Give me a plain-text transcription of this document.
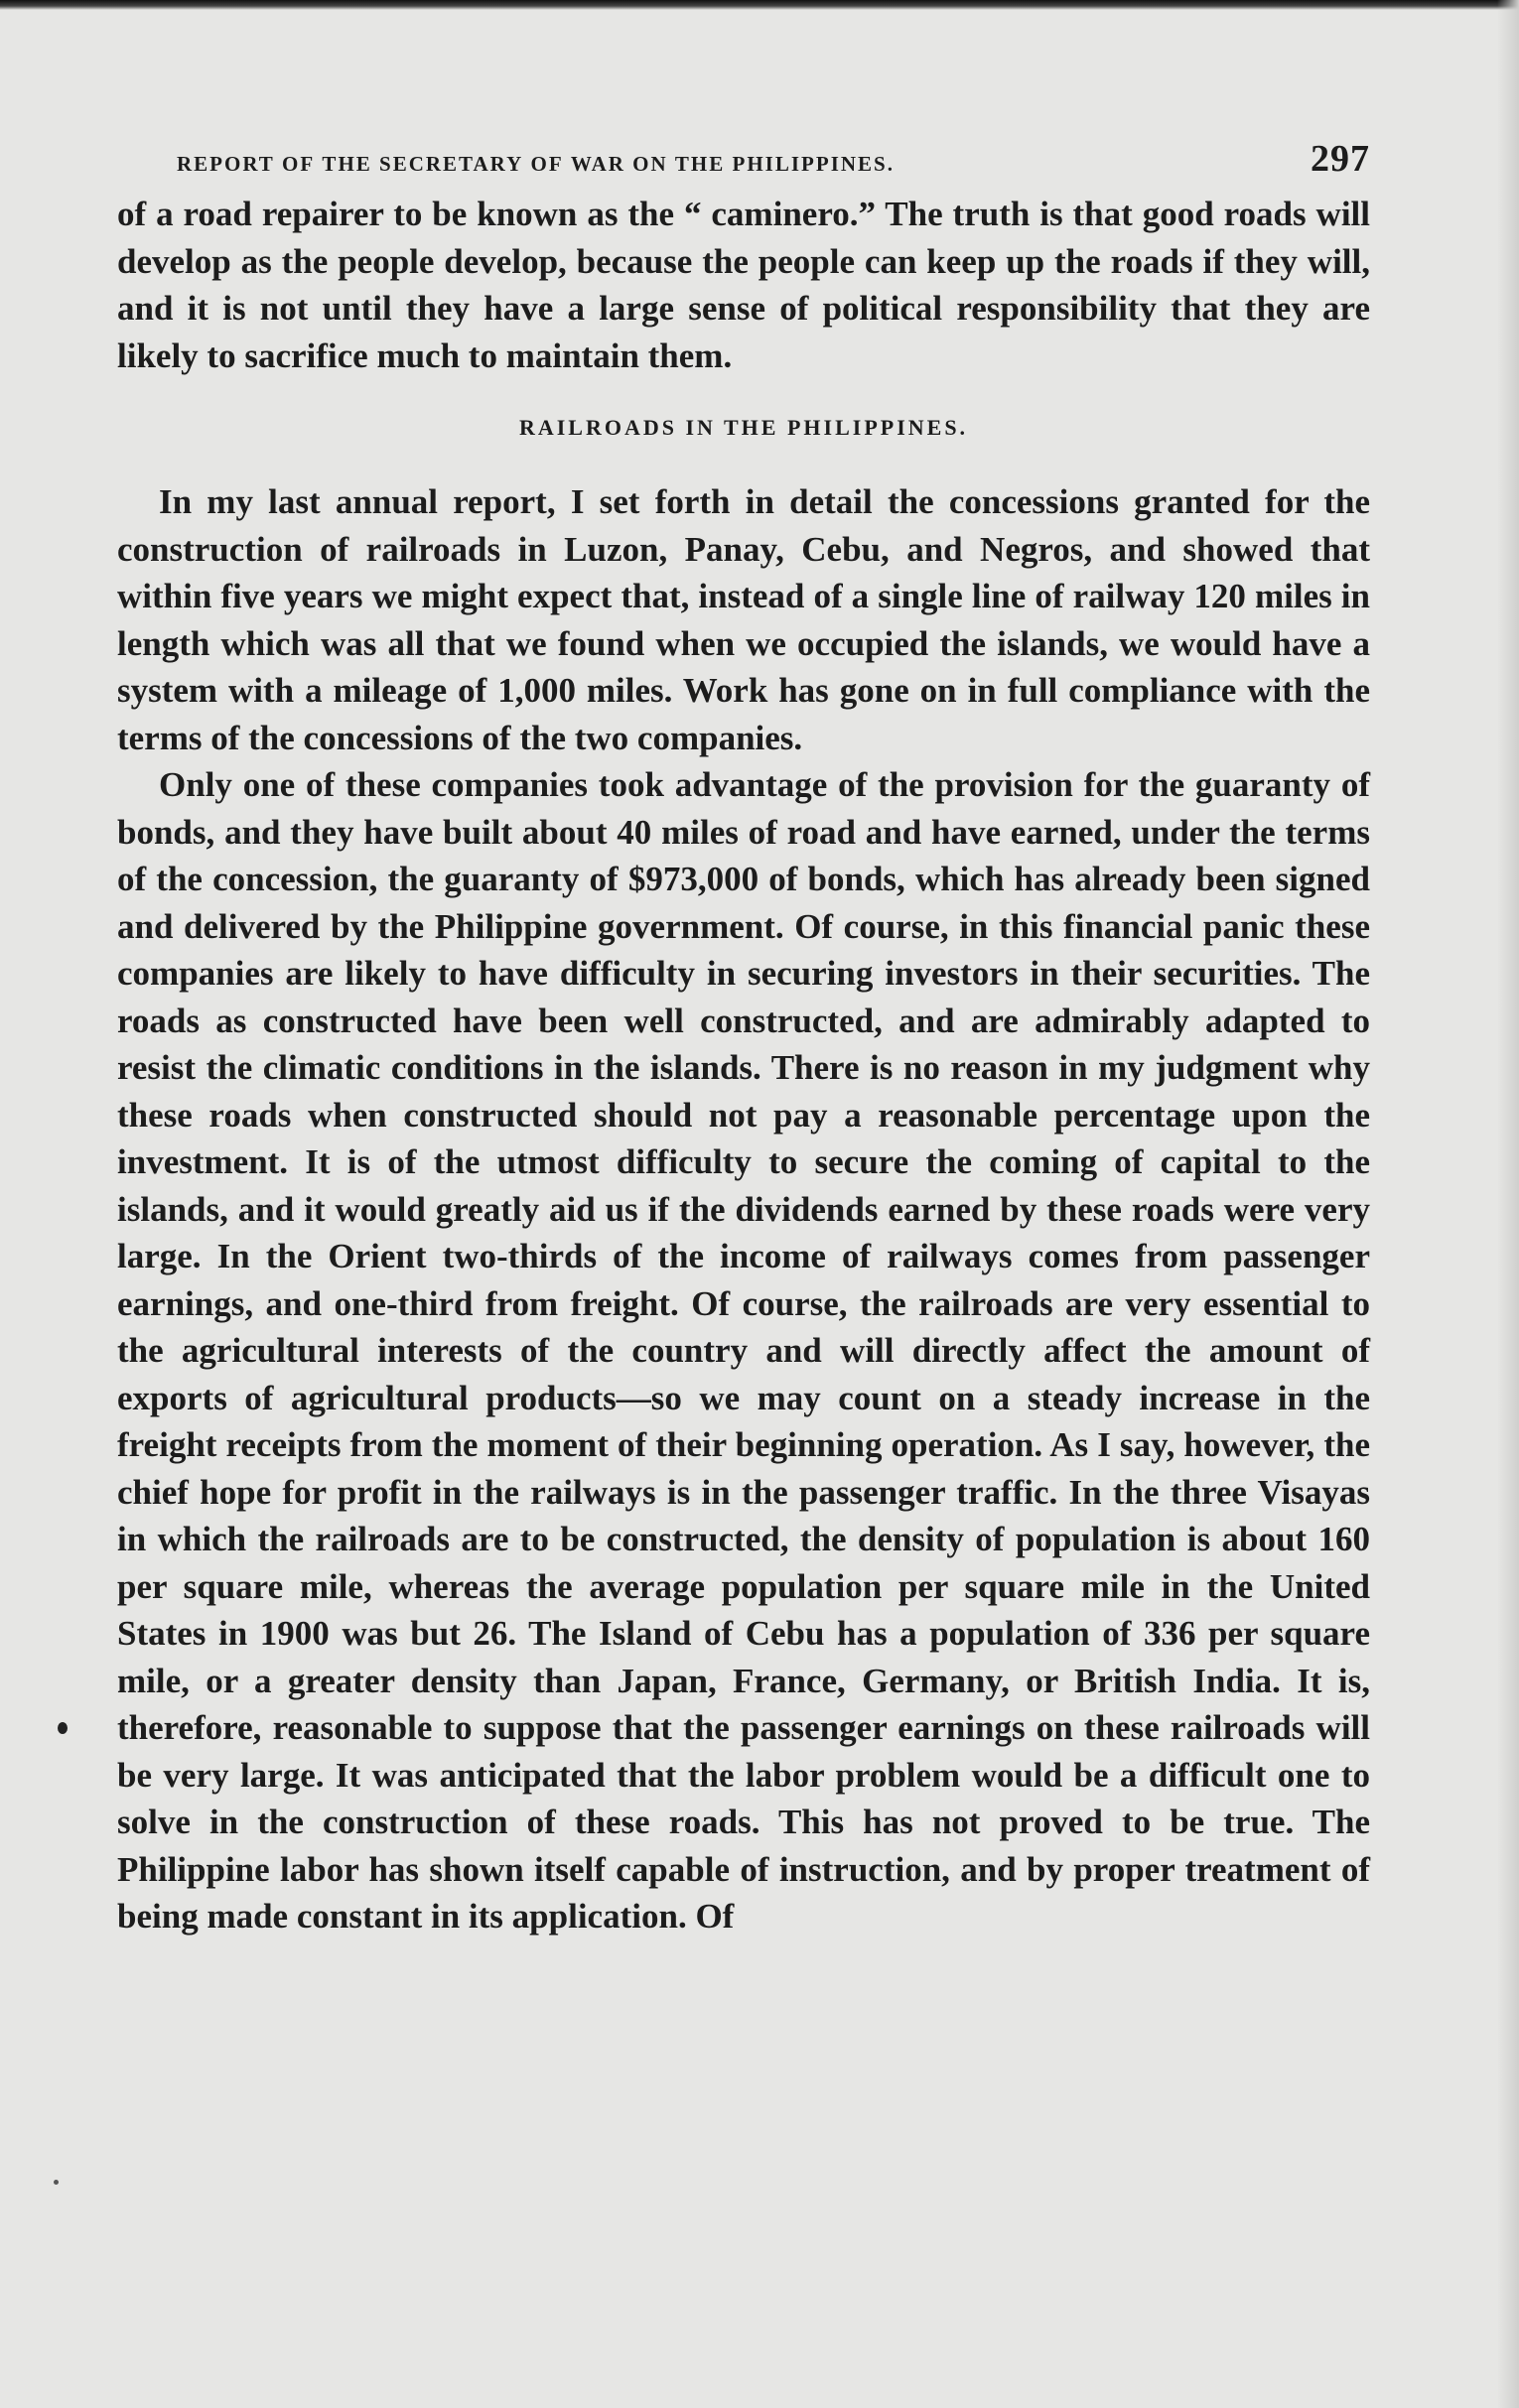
report of the secretary of war on the philippines.	297

of a road repairer to be known as the “ caminero.” The truth is that good roads will develop as the people develop, because the people can keep up the roads if they will, and it is not until they have a large sense of political responsibility that they are likely to sacrifice much to maintain them.

RAILROADS IN THE PHILIPPINES.

In my last annual report, I set forth in detail the concessions granted for the construction of railroads in Luzon, Panay, Cebu, and Negros, and showed that within five years we might expect that, instead of a single line of railway 120 miles in length which was all that we found when we occupied the islands, we would have a system with a mileage of 1,000 miles. Work has gone on in full compliance with the terms of the concessions of the two companies.

Only one of these companies took advantage of the provision for the guaranty of bonds, and they have built about 40 miles of road and have earned, under the terms of the concession, the guaranty of $973,000 of bonds, which has already been signed and delivered by the Philippine government. Of course, in this financial panic these companies are likely to have difficulty in securing investors in their securities. The roads as constructed have been well constructed, and are admirably adapted to resist the climatic conditions in the islands. There is no reason in my judgment why these roads when constructed should not pay a reasonable percentage upon the investment. It is of the utmost difficulty to secure the coming of capital to the islands, and it would greatly aid us if the dividends earned by these roads were very large. In the Orient two-thirds of the income of railways comes from passenger earnings, and one-third from freight. Of course, the railroads are very essential to the agricultural interests of the country and will directly affect the amount of exports of agricultural products—so we may count on a steady increase in the freight receipts from the moment of their beginning operation. As I say, however, the chief hope for profit in the railways is in the passenger traffic. In the three Visayas in which the railroads are to be constructed, the density of population is about 160 per square mile, whereas the average population per square mile in the United States in 1900 was but 26. The Island of Cebu has a population of 336 per square mile, or a greater density than Japan, France, Germany, or British India. It is, therefore, reasonable to suppose that the passenger earnings on these railroads will be very large. It was anticipated that the labor problem would be a difficult one to solve in the construction of these roads. This has not proved to be true. The Philippine labor has shown itself capable of instruction, and by proper treatment of being made constant in its application. Of
